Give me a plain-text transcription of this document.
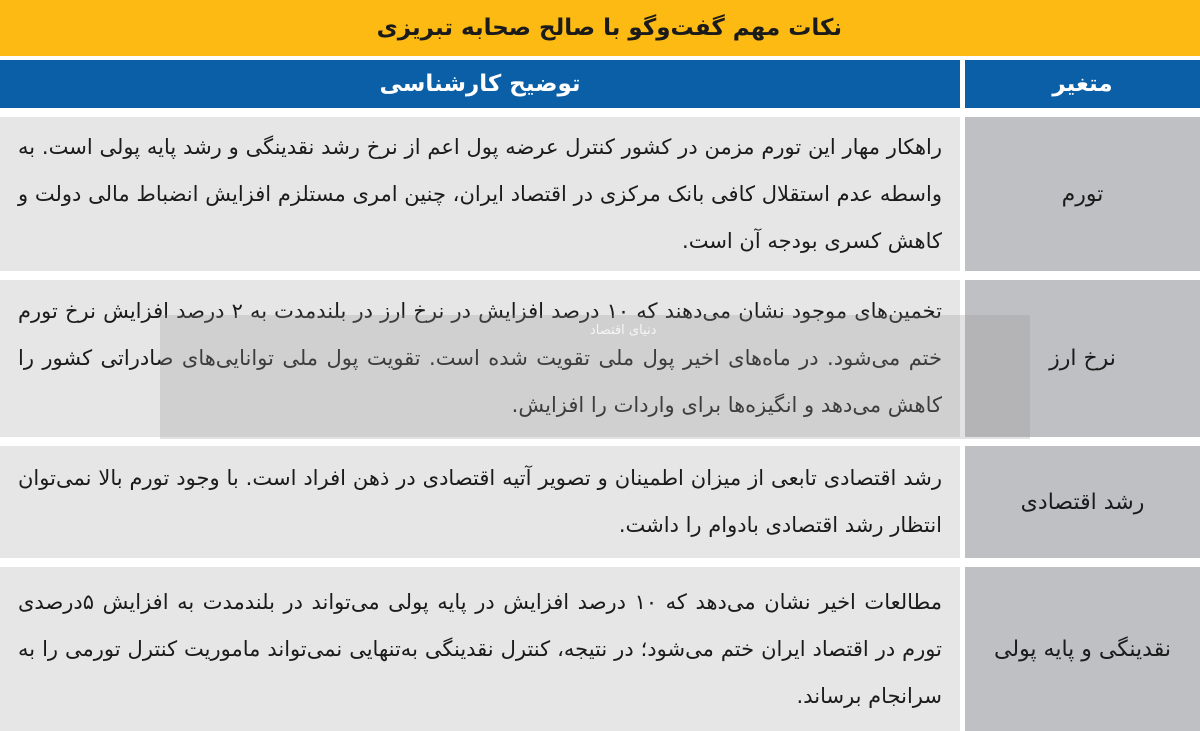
نکات مهم گفت‌وگو با صالح صحابه تبریزی
متغیر
توضیح کارشناسی
تورم

راهکار مهار این تورم مزمن در کشور کنترل عرضه پول اعم از نرخ رشد نقدینگی و رشد پایه پولی است. به واسطه عدم استقلال کافی بانک مرکزی در اقتصاد ایران، چنین امری مستلزم افزایش انضباط مالی دولت و کاهش کسری بودجه آن است.

نرخ ارز

تخمین‌های موجود نشان می‌دهند که ۱۰ درصد افزایش در نرخ ارز در بلندمدت به ۲ درصد افزایش نرخ تورم ختم می‌شود. در ماه‌های اخیر پول ملی تقویت شده است. تقویت پول ملی توانایی‌های صادراتی کشور را کاهش می‌دهد و انگیزه‌ها برای واردات را افزایش.

رشد اقتصادی

رشد اقتصادی تابعی از میزان اطمینان و تصویر آتیه اقتصادی در ذهن افراد است. با وجود تورم بالا نمی‌توان انتظار رشد اقتصادی بادوام را داشت.

نقدینگی و پایه پولی

مطالعات اخیر نشان می‌دهد که ۱۰ درصد افزایش در پایه پولی می‌تواند در بلندمدت به افزایش ۵درصدی تورم در اقتصاد ایران ختم می‌شود؛ در نتیجه، کنترل نقدینگی به‌تنهایی نمی‌تواند ماموریت کنترل تورمی را به سرانجام برساند.

دنیای اقتصاد
